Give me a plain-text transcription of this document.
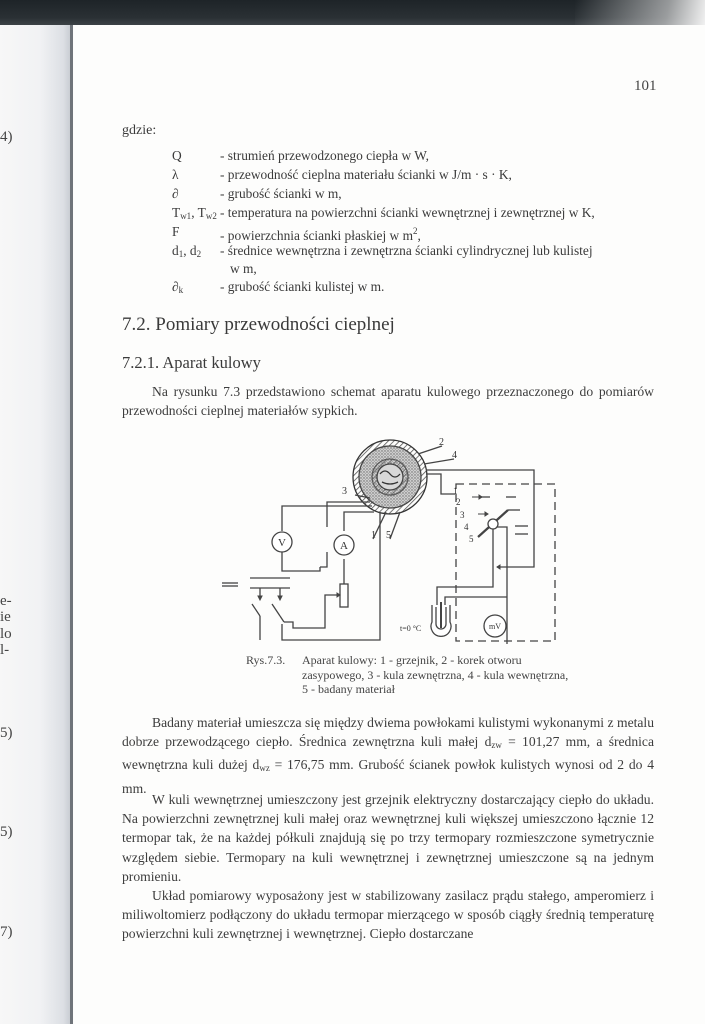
4)
e-
ie
lo
l-
5)
5)
7)
101
gdzie:
Q	- strumień przewodzonego ciepła w W,
λ	- przewodność cieplna materiału ścianki w J/m · s · K,
∂	- grubość ścianki w m,
$T_{w1}$, $T_{w2}$ - temperatura na powierzchni ścianki wewnętrznej i zewnętrznej w K,
F	- powierzchnia ścianki płaskiej w $m^2$,
$d_1$, $d_2$	- średnice wewnętrzna i zewnętrzna ścianki cylindrycznej lub kulistej
w m,
$\partial_k$	- grubość ścianki kulistej w m.
7.2. Pomiary przewodności cieplnej
7.2.1. Aparat kulowy
Na rysunku 7.3 przedstawiono schemat aparatu kulowego przeznaczonego do pomiarów przewodności cieplnej materiałów sypkich.
V	A
mV
2
4
3
1 5
1
2
3
4
5
t=0 °C
==
Rys.7.3. Aparat kulowy: 1 - grzejnik, 2 - korek otworu zasypowego, 3 - kula zewnętrzna, 4 - kula wewnętrzna, 5 - badany materiał
Badany materiał umieszcza się między dwiema powłokami kulistymi wykonanymi z metalu dobrze przewodzącego ciepło. Średnica zewnętrzna kuli małej $d_{zw} = 101,27$ mm, a średnica wewnętrzna kuli dużej $d_{wz} = 176,75$ mm. Grubość ścianek powłok kulistych wynosi od 2 do 4 mm.
W kuli wewnętrznej umieszczony jest grzejnik elektryczny dostarczający ciepło do układu. Na powierzchni zewnętrznej kuli małej oraz wewnętrznej kuli większej umieszczono łącznie 12 termopar tak, że na każdej półkuli znajdują się po trzy termopary rozmieszczone symetrycznie względem siebie. Termopary na kuli wewnętrznej i zewnętrznej umieszczone są na jednym promieniu.
Układ pomiarowy wyposażony jest w stabilizowany zasilacz prądu stałego, amperomierz i miliwoltomierz podłączony do układu termopar mierzącego w sposób ciągły średnią temperaturę powierzchni kuli zewnętrznej i wewnętrznej. Ciepło dostarczane
